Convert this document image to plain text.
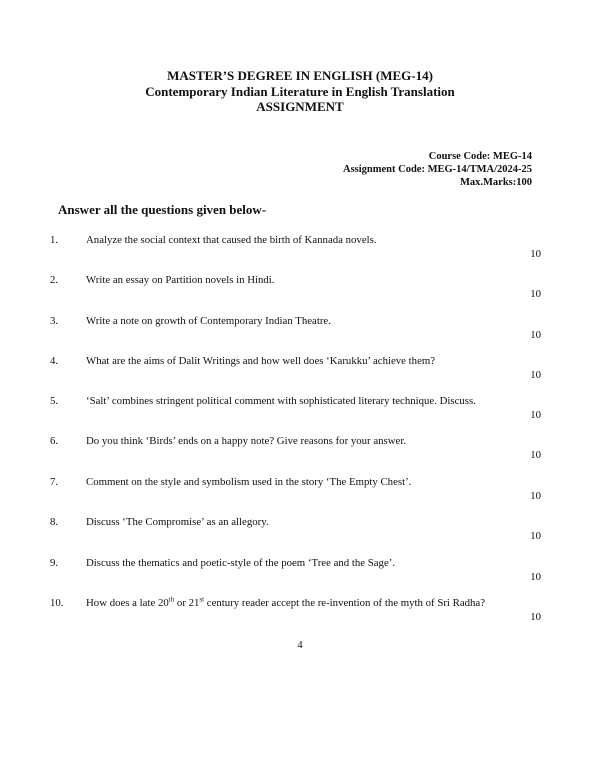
MASTER’S DEGREE IN ENGLISH (MEG-14)
Contemporary Indian Literature in English Translation
ASSIGNMENT
Course Code: MEG-14
Assignment Code: MEG-14/TMA/2024-25
Max.Marks:100
Answer all the questions given below-
1.	Analyze the social context that caused the birth of Kannada novels.
10
2.	Write an essay on Partition novels in Hindi.
10
3.	Write a note on growth of Contemporary Indian Theatre.
10
4.	What are the aims of Dalit Writings and how well does ‘Karukku’ achieve them?
10
5.	‘Salt’ combines stringent political comment with sophisticated literary technique. Discuss.
10
6.	Do you think ‘Birds’ ends on a happy note? Give reasons for your answer.
10
7.	Comment on the style and symbolism used in the story ‘The Empty Chest’.
10
8.	Discuss ‘The Compromise’ as an allegory.
10
9.	Discuss the thematics and poetic-style of the poem ‘Tree and the Sage’.
10
10. How does a late 20th or 21st century reader accept the re-invention of the myth of Sri Radha?
10
4
